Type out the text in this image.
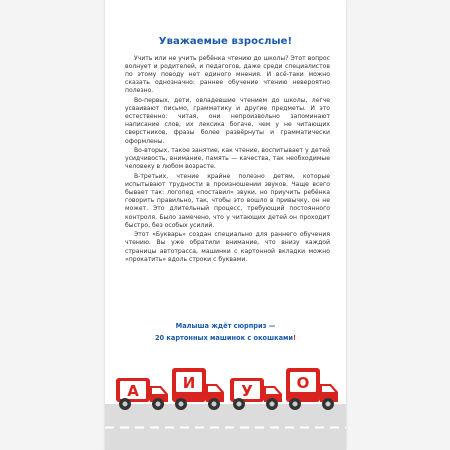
Уважаемые взрослые!

Учить или не учить ребёнка чтению до школы? Этот вопрос волнует и родителей, и педагогов, даже среди специалистов по этому поводу нет единого мнения. И всё-таки можно сказать однозначно: раннее обучение чтению невероятно полезно.

Во-первых, дети, овладевшие чтением до школы, легче усваивают письмо, грамматику и другие предметы. И это естественно: читая, они непроизвольно запоминают написание слов, их лексика богаче, чем у не читающих сверстников, фразы более развёрнуты и грамматически оформлены.

Во-вторых, такое занятие, как чтение, воспитывает у детей усидчивость, внимание, память — качества, так необходимые человеку в любом возрасте.

В-третьих, чтение крайне полезно детям, которые испытывают трудности в произношении звуков. Чаще всего бывает так: логопед «поставил» звуки, но приучить ребёнка говорить правильно, так, чтобы это вошло в привычку, он не может. Это длительный процесс, требующий постоянного контроля. Было замечено, что у читающих детей он проходит быстро, без особых усилий.

Этот «Букварь» создан специально для раннего обучения чтению. Вы уже обратили внимание, что внизу каждой страницы автотрасса, машинки с картонной вкладки можно «прокатить» вдоль строки с буквами.

Малыша ждёт сюрприз —
20 картонных машинок с окошками!
А	И	У	О
